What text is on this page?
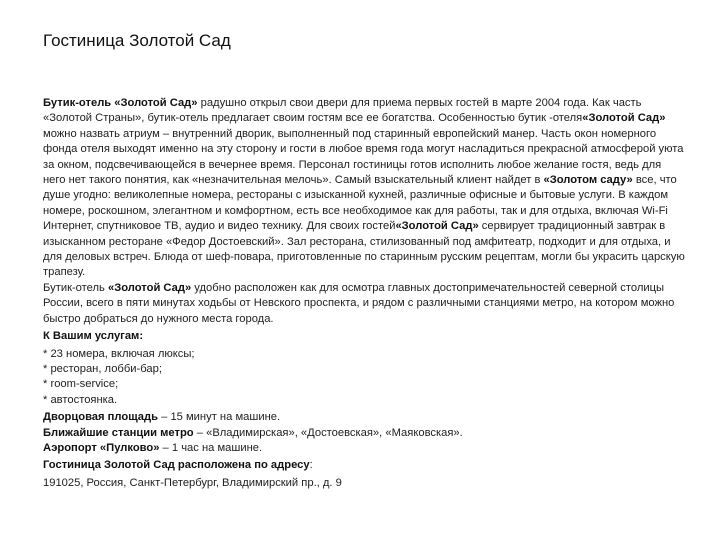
Гостиница Золотой Сад

Бутик-отель «Золотой Сад» радушно открыл свои двери для приема первых гостей в марте 2004 года. Как часть «Золотой Страны», бутик-отель предлагает своим гостям все ее богатства. Особенностью бутик -отеля«Золотой Сад» можно назвать атриум – внутренний дворик, выполненный под старинный европейский манер. Часть окон номерного фонда отеля выходят именно на эту сторону и гости в любое время года могут насладиться прекрасной атмосферой уюта за окном, подсвечивающейся в вечернее время. Персонал гостиницы готов исполнить любое желание гостя, ведь для него нет такого понятия, как «незначительная мелочь». Самый взыскательный клиент найдет в «Золотом саду» все, что душе угодно: великолепные номера, рестораны с изысканной кухней, различные офисные и бытовые услуги. В каждом номере, роскошном, элегантном и комфортном, есть все необходимое как для работы, так и для отдыха, включая Wi-Fi Интернет, спутниковое ТВ, аудио и видео технику. Для своих гостей«Золотой Сад» сервирует традиционный завтрак в изысканном ресторане «Федор Достоевский». Зал ресторана, стилизованный под амфитеатр, подходит и для отдыха, и для деловых встреч. Блюда от шеф-повара, приготовленные по старинным русским рецептам, могли бы украсить царскую трапезу.

Бутик-отель «Золотой Сад» удобно расположен как для осмотра главных достопримечательностей северной столицы России, всего в пяти минутах ходьбы от Невского проспекта, и рядом с различными станциями метро, на котором можно быстро добраться до нужного места города.

К Вашим услугам:

* 23 номера, включая люксы;

* ресторан, лобби-бар;

* room-service;

* автостоянка.

Дворцовая площадь – 15 минут на машине.

Ближайшие станции метро – «Владимирская», «Достоевская», «Маяковская».

Аэропорт «Пулково» – 1 час на машине.

Гостиница Золотой Сад расположена по адресу:

191025, Россия, Санкт-Петербург, Владимирский пр., д. 9
